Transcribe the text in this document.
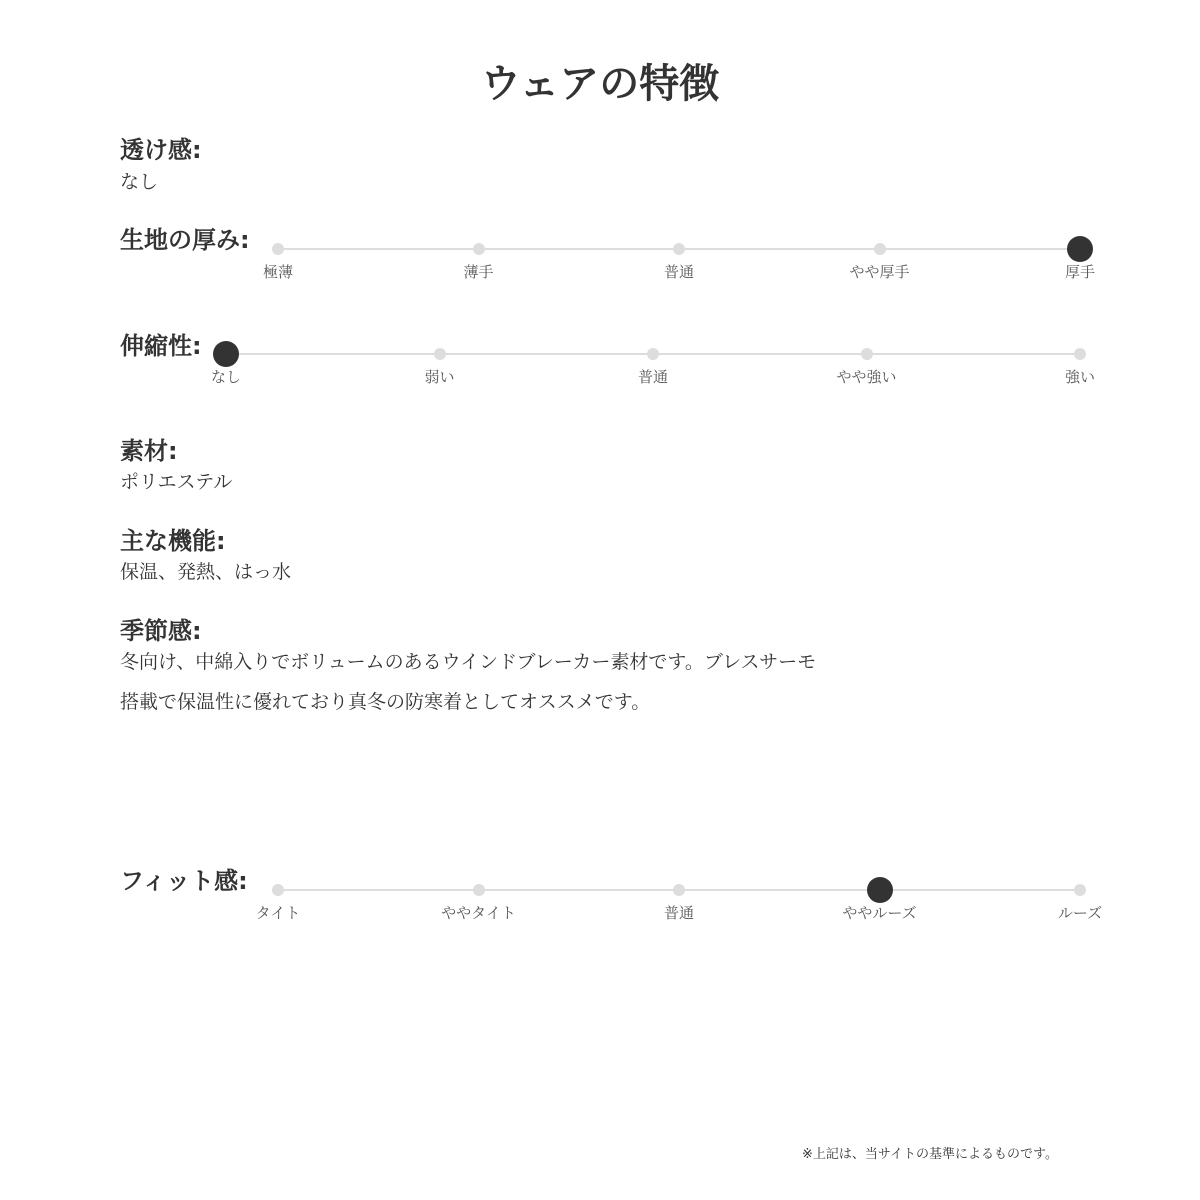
ウェアの特徴
透け感:
なし
生地の厚み:
極薄	薄手	普通	やや厚手	厚手
伸縮性:
なし	弱い	普通	やや強い	強い
素材:
ポリエステル
主な機能:
保温、発熱、はっ水
季節感:
冬向け、中綿入りでボリュームのあるウインドブレーカー素材です。ブレスサーモ
搭載で保温性に優れており真冬の防寒着としてオススメです。
フィット感:
タイト	ややタイト	普通	ややルーズ	ルーズ
※上記は、当サイトの基準によるものです。
